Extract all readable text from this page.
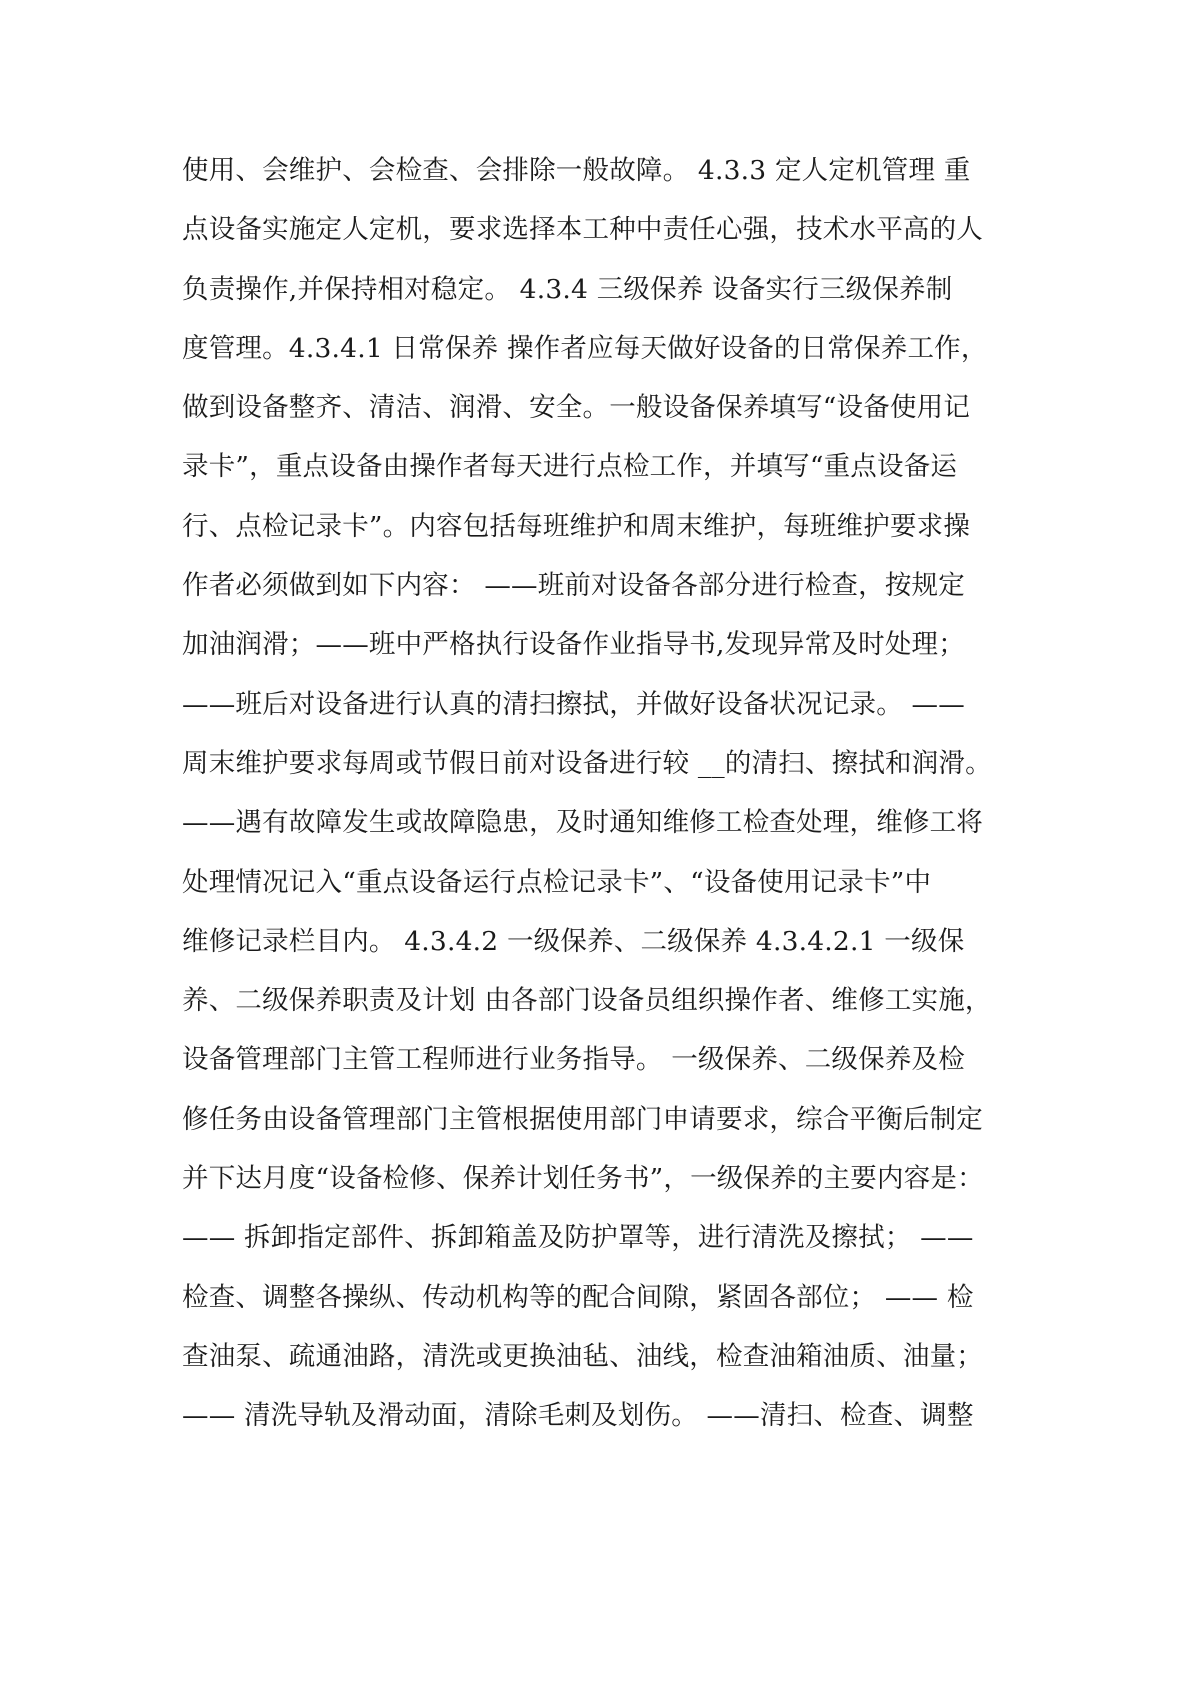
使用、会维护、会检查、会排除一般故障。 4.3.3 定人定机管理 重
点设备实施定人定机，要求选择本工种中责任心强，技术水平高的人
负责操作,并保持相对稳定。 4.3.4 三级保养 设备实行三级保养制
度管理。4.3.4.1 日常保养 操作者应每天做好设备的日常保养工作，
做到设备整齐、清洁、润滑、安全。一般设备保养填写“设备使用记
录卡”，重点设备由操作者每天进行点检工作，并填写“重点设备运
行、点检记录卡”。内容包括每班维护和周末维护，每班维护要求操
作者必须做到如下内容： ——班前对设备各部分进行检查，按规定
加油润滑；——班中严格执行设备作业指导书,发现异常及时处理；
——班后对设备进行认真的清扫擦拭，并做好设备状况记录。 ——
周末维护要求每周或节假日前对设备进行较 __的清扫、擦拭和润滑。
——遇有故障发生或故障隐患，及时通知维修工检查处理，维修工将
处理情况记入“重点设备运行点检记录卡”、“设备使用记录卡”中
维修记录栏目内。 4.3.4.2 一级保养、二级保养 4.3.4.2.1 一级保
养、二级保养职责及计划 由各部门设备员组织操作者、维修工实施，
设备管理部门主管工程师进行业务指导。 一级保养、二级保养及检
修任务由设备管理部门主管根据使用部门申请要求，综合平衡后制定
并下达月度“设备检修、保养计划任务书”，一级保养的主要内容是：
—— 拆卸指定部件、拆卸箱盖及防护罩等，进行清洗及擦拭； ——
检查、调整各操纵、传动机构等的配合间隙，紧固各部位； —— 检
查油泵、疏通油路，清洗或更换油毡、油线，检查油箱油质、油量；
—— 清洗导轨及滑动面，清除毛刺及划伤。 ——清扫、检查、调整
